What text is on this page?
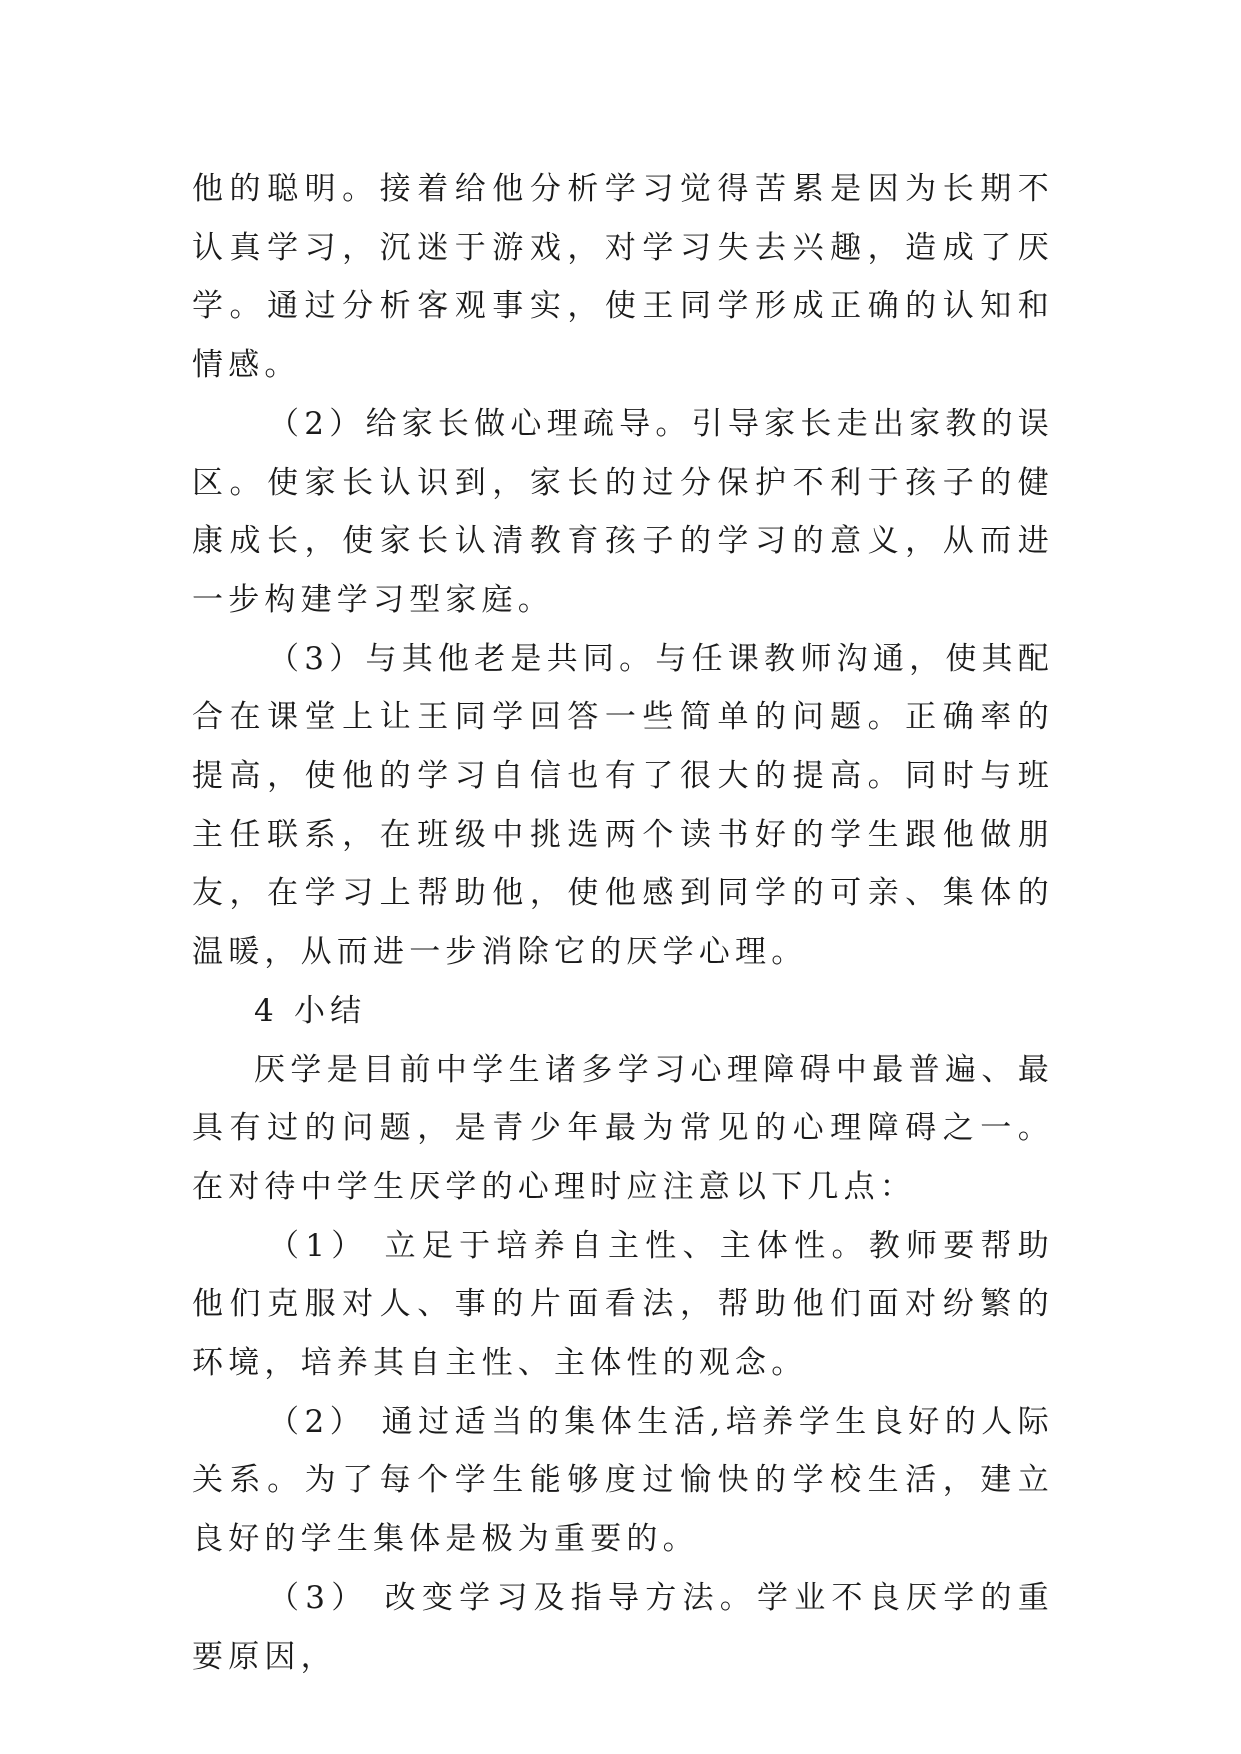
他的聪明。接着给他分析学习觉得苦累是因为长期不认真学习，沉迷于游戏，对学习失去兴趣，造成了厌学。通过分析客观事实，使王同学形成正确的认知和情感。

（2）给家长做心理疏导。引导家长走出家教的误区。使家长认识到，家长的过分保护不利于孩子的健康成长，使家长认清教育孩子的学习的意义，从而进一步构建学习型家庭。

（3）与其他老是共同。与任课教师沟通，使其配合在课堂上让王同学回答一些简单的问题。正确率的提高，使他的学习自信也有了很大的提高。同时与班主任联系，在班级中挑选两个读书好的学生跟他做朋友，在学习上帮助他，使他感到同学的可亲、集体的温暖，从而进一步消除它的厌学心理。

4 小结

厌学是目前中学生诸多学习心理障碍中最普遍、最具有过的问题，是青少年最为常见的心理障碍之一。在对待中学生厌学的心理时应注意以下几点：

（1） 立足于培养自主性、主体性。教师要帮助他们克服对人、事的片面看法，帮助他们面对纷繁的环境，培养其自主性、主体性的观念。

（2） 通过适当的集体生活,培养学生良好的人际关系。为了每个学生能够度过愉快的学校生活，建立良好的学生集体是极为重要的。

（3） 改变学习及指导方法。学业不良厌学的重要原因，
